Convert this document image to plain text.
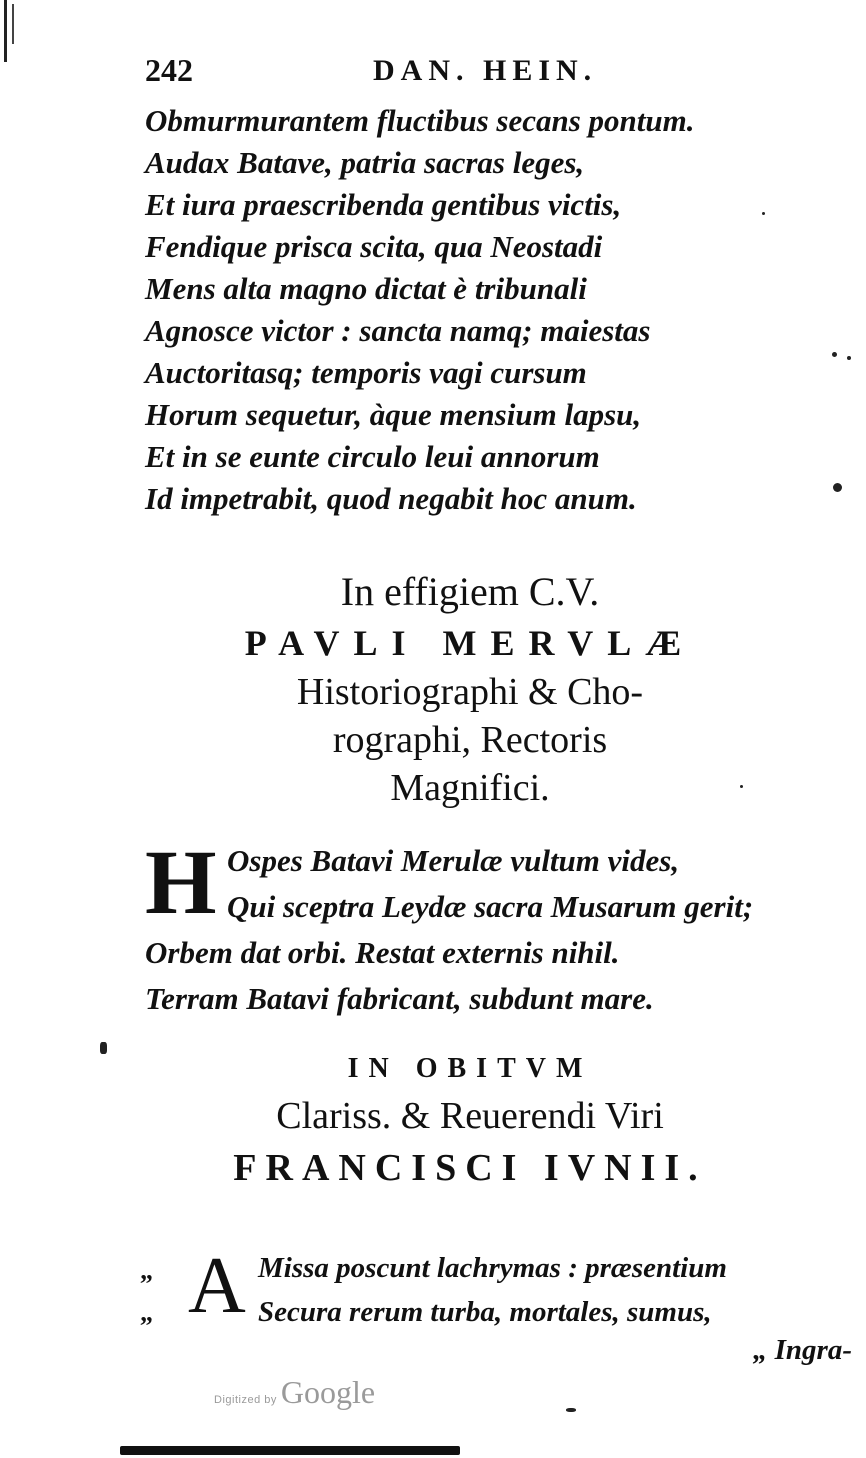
242	DAN. HEIN.
Obmurmurantem fluctibus secans pontum.
Audax Batave, patria sacras leges,
Et iura praescribenda gentibus victis,
Fendique prisca scita, qua Neostadi
Mens alta magno dictat è tribunali
Agnosce victor : sancta namq; maiestas
Auctoritasq; temporis vagi cursum
Horum sequetur, àque mensium lapsu,
Et in se eunte circulo leui annorum
Id impetrabit, quod negabit hoc anum.
In effigiem C.V.
PAVLI MERVLÆ
Historiographi & Cho-
rographi, Rectoris
Magnifici.
H Ospes Batavi Merulæ vultum vides,
Qui sceptra Leydæ sacra Musarum gerit;
Orbem dat orbi. Restat externis nihil.
Terram Batavi fabricant, subdunt mare.
IN OBITVM
Clariss. & Reuerendi Viri
FRANCISCI IVNII.
„
„ A Missa poscunt lachrymas : præsentium
Secura rerum turba, mortales, sumus,
„ Ingra-
Digitized by Google
